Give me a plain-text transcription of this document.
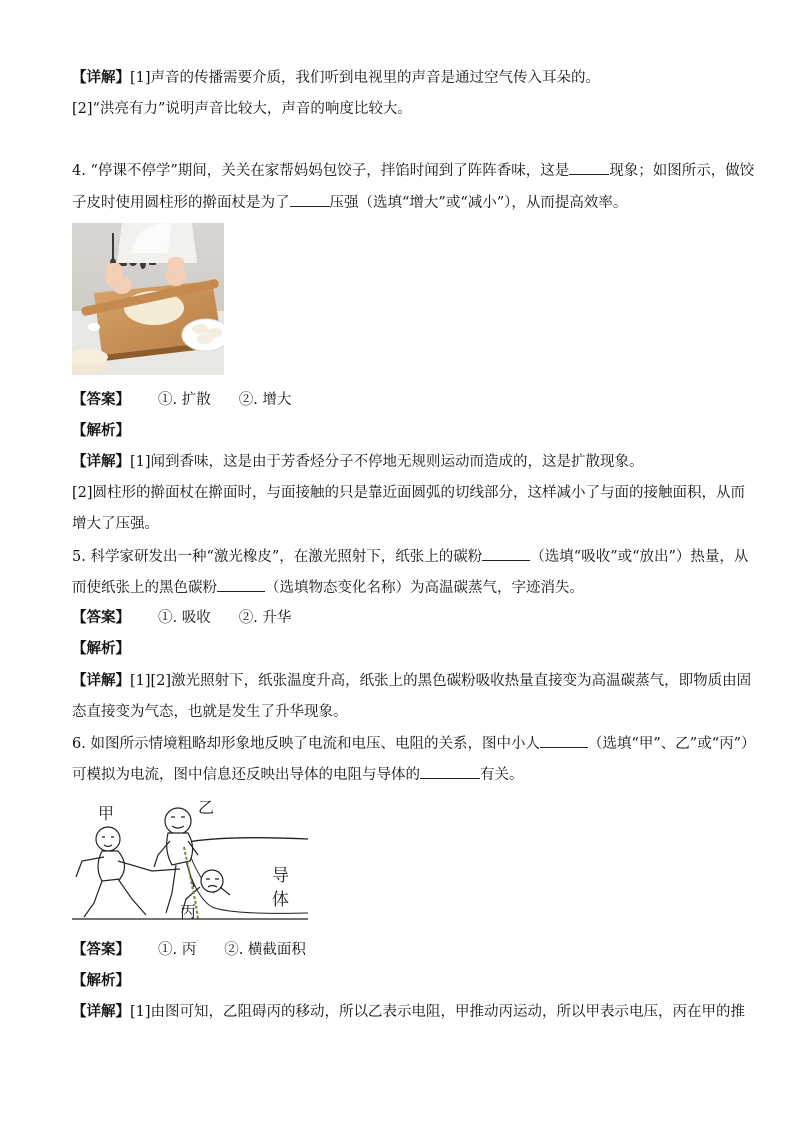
【详解】[1]声音的传播需要介质，我们听到电视里的声音是通过空气传入耳朵的。
[2]“洪亮有力”说明声音比较大，声音的响度比较大。
4. “停课不停学”期间，关关在家帮妈妈包饺子，拌馅时闻到了阵阵香味，这是	现象；如图所示，做饺
子皮时使用圆柱形的擀面杖是为了	压强（选填“增大”或“减小”），从而提高效率。
【答案】 ①. 扩散 ②. 增大
【解析】
【详解】[1]闻到香味，这是由于芳香烃分子不停地无规则运动而造成的，这是扩散现象。
[2]圆柱形的擀面杖在擀面时，与面接触的只是靠近面圆弧的切线部分，这样减小了与面的接触面积，从而
增大了压强。
5. 科学家研发出一种“激光橡皮”，在激光照射下，纸张上的碳粉	（选填“吸收”或“放出”）热量，从
而使纸张上的黑色碳粉	（选填物态变化名称）为高温碳蒸气，字迹消失。
【答案】 ①. 吸收 ②. 升华
【解析】
【详解】[1][2]激光照射下，纸张温度升高，纸张上的黑色碳粉吸收热量直接变为高温碳蒸气，即物质由固
态直接变为气态，也就是发生了升华现象。
6. 如图所示情境粗略却形象地反映了电流和电压、电阻的关系，图中小人	（选填“甲”、乙”或“丙”）
可模拟为电流，图中信息还反映出导体的电阻与导体的	有关。
甲	乙
丙
导
体
【答案】 ①. 丙 ②. 横截面积
【解析】
【详解】[1]由图可知，乙阻碍丙的移动，所以乙表示电阻，甲推动丙运动，所以甲表示电压，丙在甲的推
